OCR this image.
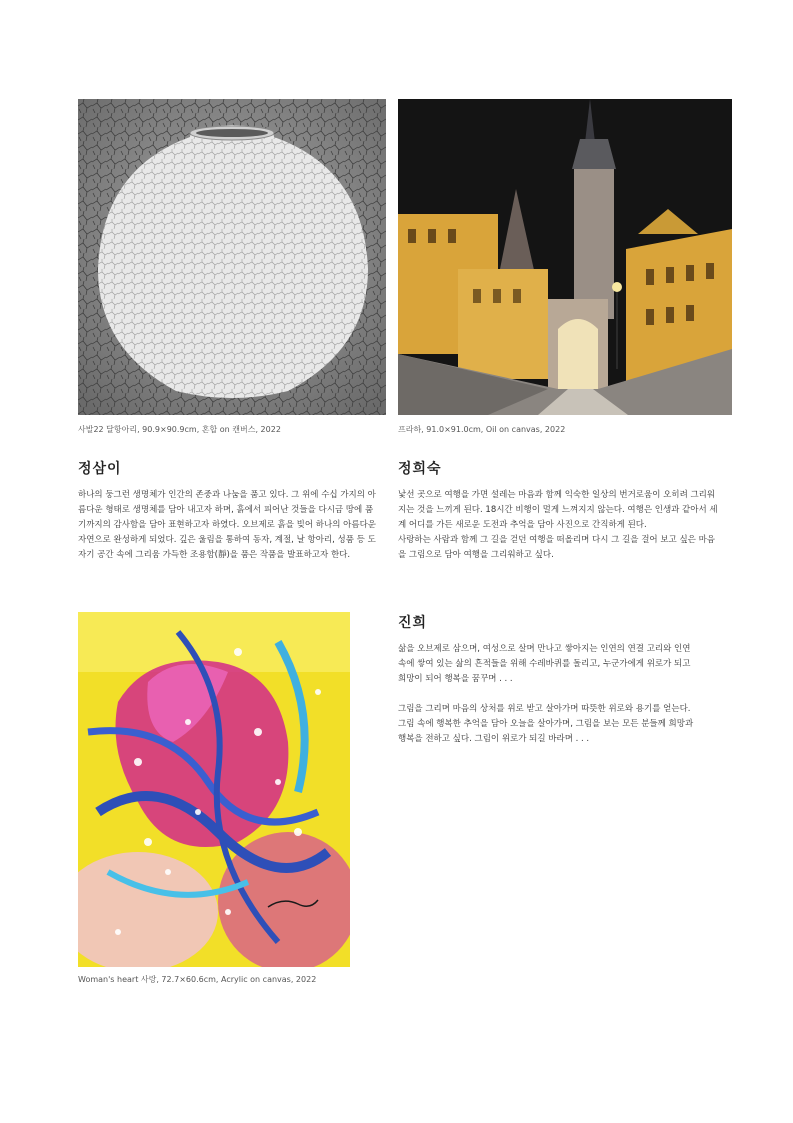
사발22 달항아리, 90.9×90.9cm, 혼합 on 캔버스, 2022	프라하, 91.0×91.0cm, Oil on canvas, 2022
정삼이

하나의 둥그런 생명체가 인간의 존중과 나눔을 품고 있다. 그 위에 수십 가지의 아름다운 형태로 생명체를 담아 내고자 하며, 흙에서 피어난 것들을 다시금 땅에 품기까지의 감사함을 담아 표현하고자 하였다. 오브제로 흙을 빚어 하나의 아름다운 자연으로 완성하게 되었다. 깊은 울림을 통하여 동자, 계절, 날 항아리, 성품 등 도자기 공간 속에 그리움 가득한 조용함(靜)을 품은 작품을 발표하고자 한다.

정희숙

낯선 곳으로 여행을 가면 설레는 마음과 함께 익숙한 일상의 번거로움이 오히려 그리워지는 것을 느끼게 된다. 18시간 비행이 멀게 느껴지지 않는다. 여행은 인생과 같아서 세계 어디를 가든 새로운 도전과 추억을 담아 사진으로 간직하게 된다.

사랑하는 사람과 함께 그 길을 걷던 여행을 떠올리며 다시 그 길을 걸어 보고 싶은 마음을 그림으로 담아 여행을 그리워하고 싶다.

Woman's heart 사랑, 72.7×60.6cm, Acrylic on canvas, 2022
진희

삶을 오브제로 삼으며, 여성으로 살며 만나고 쌓아지는 인연의 연결 고리와 인연속에 쌓여 있는 삶의 흔적들을 위해 수레바퀴를 돌리고, 누군가에게 위로가 되고 희망이 되어 행복을 꿈꾸며 . . .

그림을 그리며 마음의 상처를 위로 받고 살아가며 따뜻한 위로와 용기를 얻는다. 그림 속에 행복한 추억을 담아 오늘을 살아가며, 그림을 보는 모든 분들께 희망과 행복을 전하고 싶다. 그림이 위로가 되길 바라며 . . .
